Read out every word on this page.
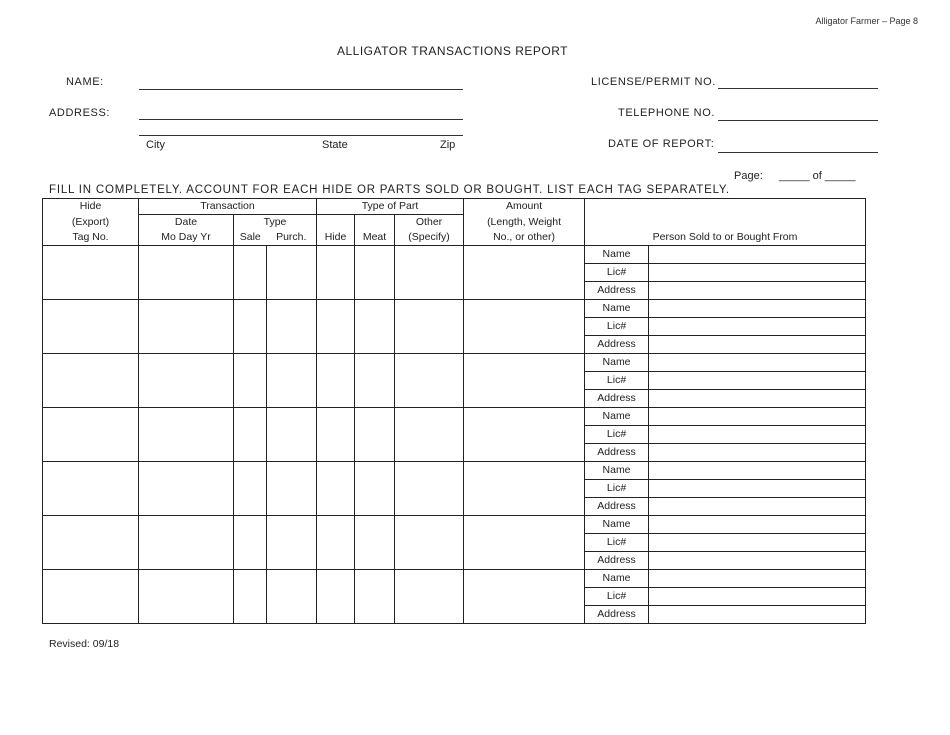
Alligator Farmer – Page 8
ALLIGATOR TRANSACTIONS REPORT
NAME:
ADDRESS:
City	State	Zip
LICENSE/PERMIT NO.
TELEPHONE NO.
DATE OF REPORT:
Page: _____ of _____
FILL IN COMPLETELY. ACCOUNT FOR EACH HIDE OR PARTS SOLD OR BOUGHT. LIST EACH TAG SEPARATELY.
Hide	Transaction			Type of Part			Amount		
(Export)	Date	Type				Other	(Length, Weight		
Tag No.	Mo Day Yr	Sale	Purch.	Hide	Meat	(Specify)	No., or other)	Person Sold to or Bought From	
								Name	
								Lic#	
								Address	
								Name	
								Lic#	
								Address	
								Name	
								Lic#	
								Address	
								Name	
								Lic#	
								Address	
								Name	
								Lic#	
								Address	
								Name	
								Lic#	
								Address	
								Name	
								Lic#	
								Address	
Revised: 09/18
